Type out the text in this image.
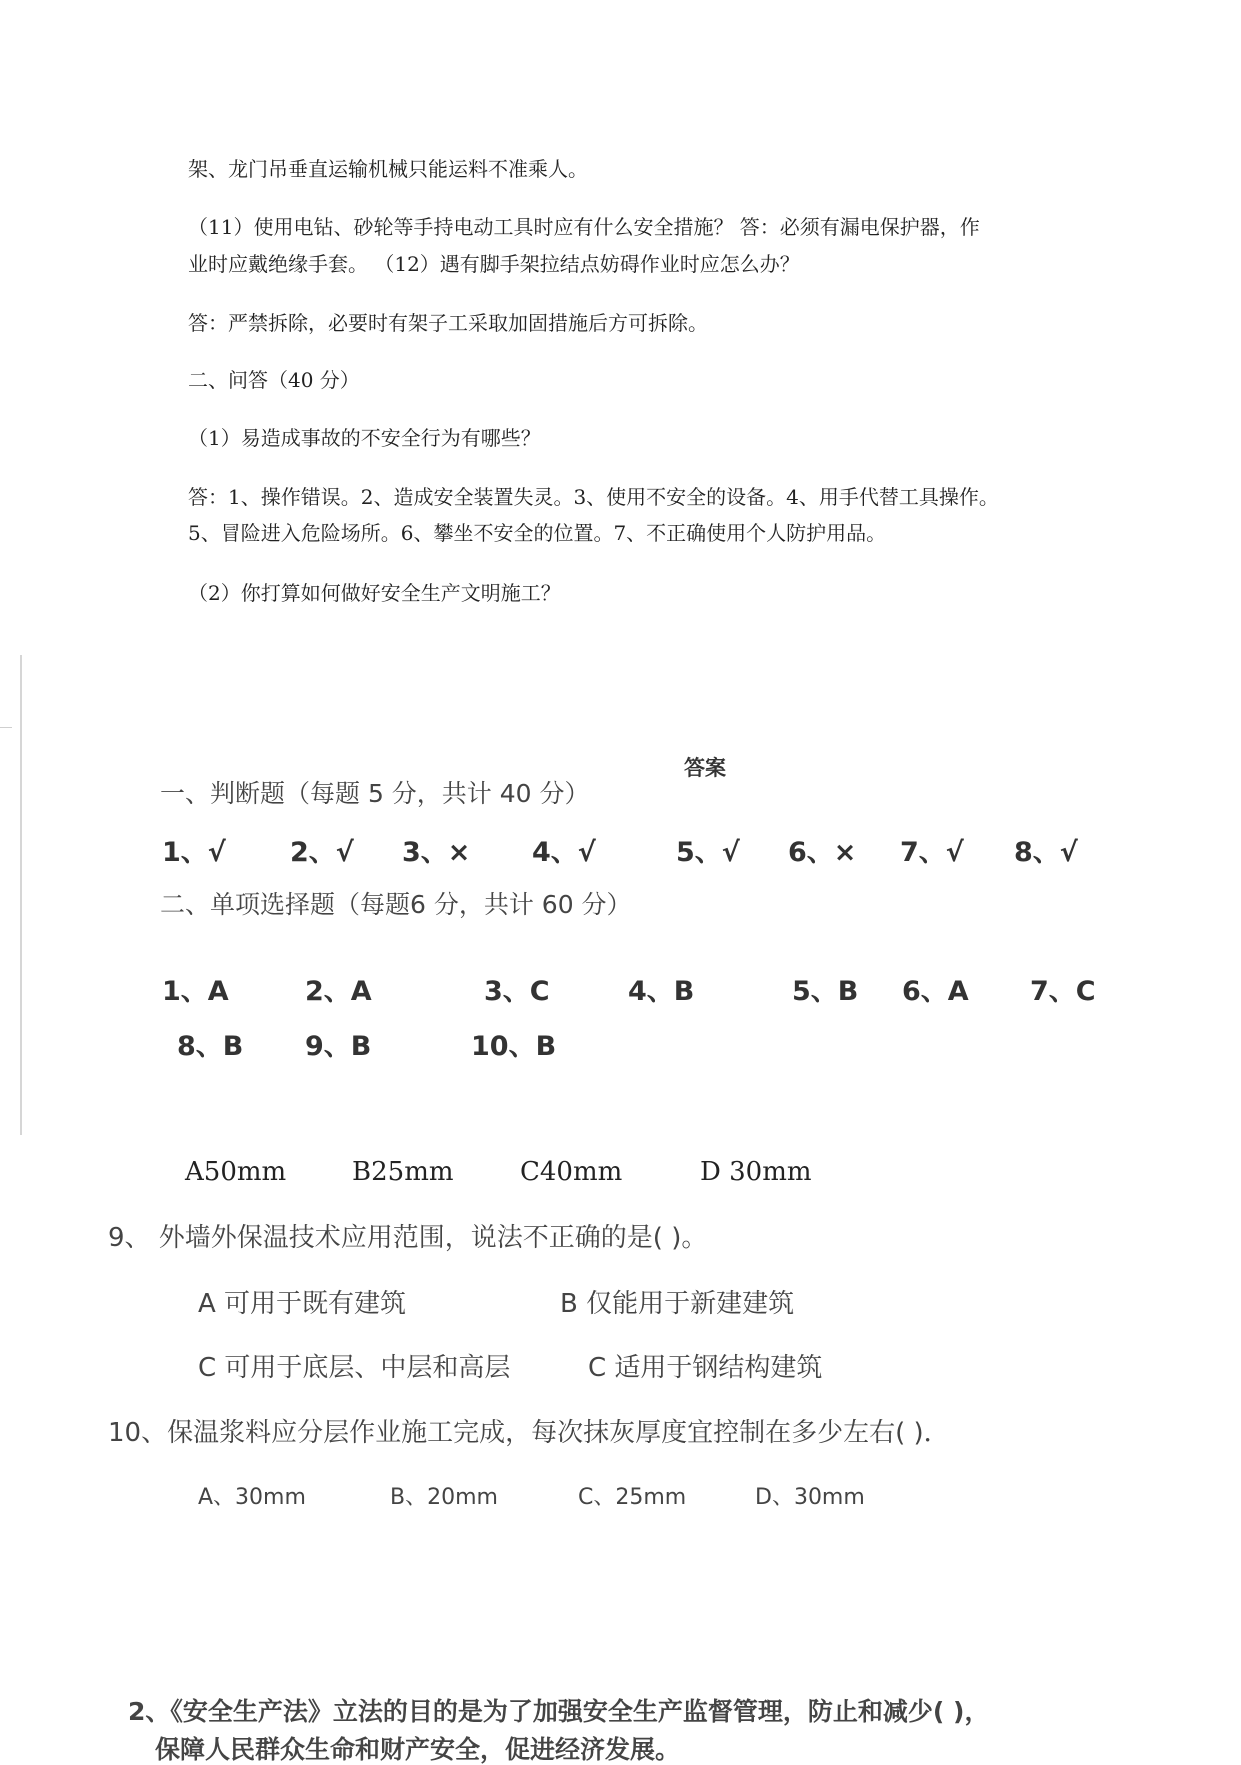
架、龙门吊垂直运输机械只能运料不准乘人。
（11）使用电钻、砂轮等手持电动工具时应有什么安全措施？ 答：必须有漏电保护器，作
业时应戴绝缘手套。 （12）遇有脚手架拉结点妨碍作业时应怎么办？
答：严禁拆除，必要时有架子工采取加固措施后方可拆除。
二、问答（40 分）
（1）易造成事故的不安全行为有哪些？
答：1、操作错误。2、造成安全装置失灵。3、使用不安全的设备。4、用手代替工具操作。
5、冒险进入危险场所。6、攀坐不安全的位置。7、不正确使用个人防护用品。
（2）你打算如何做好安全生产文明施工？
答案
一、判断题（每题 5 分，共计 40 分）
1、√ 2、√ 3、× 4、√	5、√ 6、× 7、√ 8、√
二、单项选择题（每题6 分，共计 60 分）
1、A	2、A	3、C	4、B	5、B 6、A 7、C
8、B 9、B	10、B
A50mm	B25mm	C40mm	D 30mm
9、 外墙外保温技术应用范围，说法不正确的是( )。
A 可用于既有建筑	B 仅能用于新建建筑
C 可用于底层、中层和高层	C 适用于钢结构建筑
10、保温浆料应分层作业施工完成，每次抹灰厚度宜控制在多少左右( )．
A、30mm	B、20mm	C、25mm	D、30mm
2、《安全生产法》立法的目的是为了加强安全生产监督管理，防止和减少( )，
保障人民群众生命和财产安全，促进经济发展。
